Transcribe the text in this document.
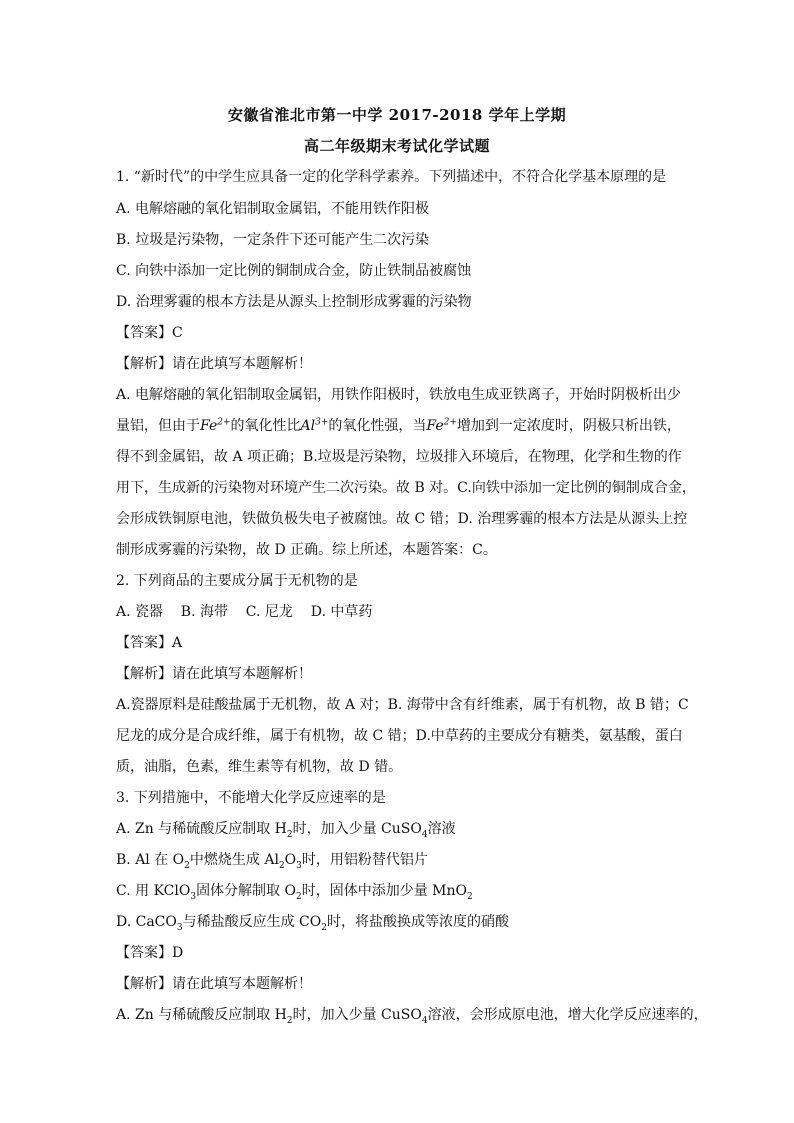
安徽省淮北市第一中学 2017-2018 学年上学期
高二年级期末考试化学试题
1. “新时代”的中学生应具备一定的化学科学素养。下列描述中，不符合化学基本原理的是
A. 电解熔融的氧化铝制取金属铝，不能用铁作阳极
B. 垃圾是污染物，一定条件下还可能产生二次污染
C. 向铁中添加一定比例的铜制成合金，防止铁制品被腐蚀
D. 治理雾霾的根本方法是从源头上控制形成雾霾的污染物
【答案】C
【解析】请在此填写本题解析！
A. 电解熔融的氧化铝制取金属铝，用铁作阳极时，铁放电生成亚铁离子，开始时阴极析出少
量铝，但由于$Fe^{2+}$的氧化性比$Al^{3+}$的氧化性强，当$Fe^{2+}$增加到一定浓度时，阴极只析出铁，
得不到金属铝，故 A 项正确；B.垃圾是污染物，垃圾排入环境后，在物理，化学和生物的作
用下，生成新的污染物对环境产生二次污染。故 B 对。C.向铁中添加一定比例的铜制成合金，
会形成铁铜原电池，铁做负极失电子被腐蚀。故 C 错；D. 治理雾霾的根本方法是从源头上控
制形成雾霾的污染物，故 D 正确。综上所述，本题答案：C。
2. 下列商品的主要成分属于无机物的是
A. 瓷器    B. 海带    C. 尼龙    D. 中草药
【答案】A
【解析】请在此填写本题解析！
A.瓷器原料是硅酸盐属于无机物，故 A 对；B. 海带中含有纤维素，属于有机物，故 B 错；C
尼龙的成分是合成纤维，属于有机物，故 C 错；D.中草药的主要成分有糖类，氨基酸，蛋白
质，油脂，色素，维生素等有机物，故 D 错。
3. 下列措施中，不能增大化学反应速率的是
A. Zn 与稀硫酸反应制取 $H_2$时，加入少量 CuSO$_4$溶液
B. Al 在 $O_2$中燃烧生成 $Al_2O_3$时，用铝粉替代铝片
C. 用 KClO$_3$固体分解制取 $O_2$时，固体中添加少量 MnO$_2$
D. CaCO$_3$与稀盐酸反应生成 $CO_2$时，将盐酸换成等浓度的硝酸
【答案】D
【解析】请在此填写本题解析！
A. Zn 与稀硫酸反应制取 $H_2$时，加入少量 CuSO$_4$溶液，会形成原电池，增大化学反应速率的，
